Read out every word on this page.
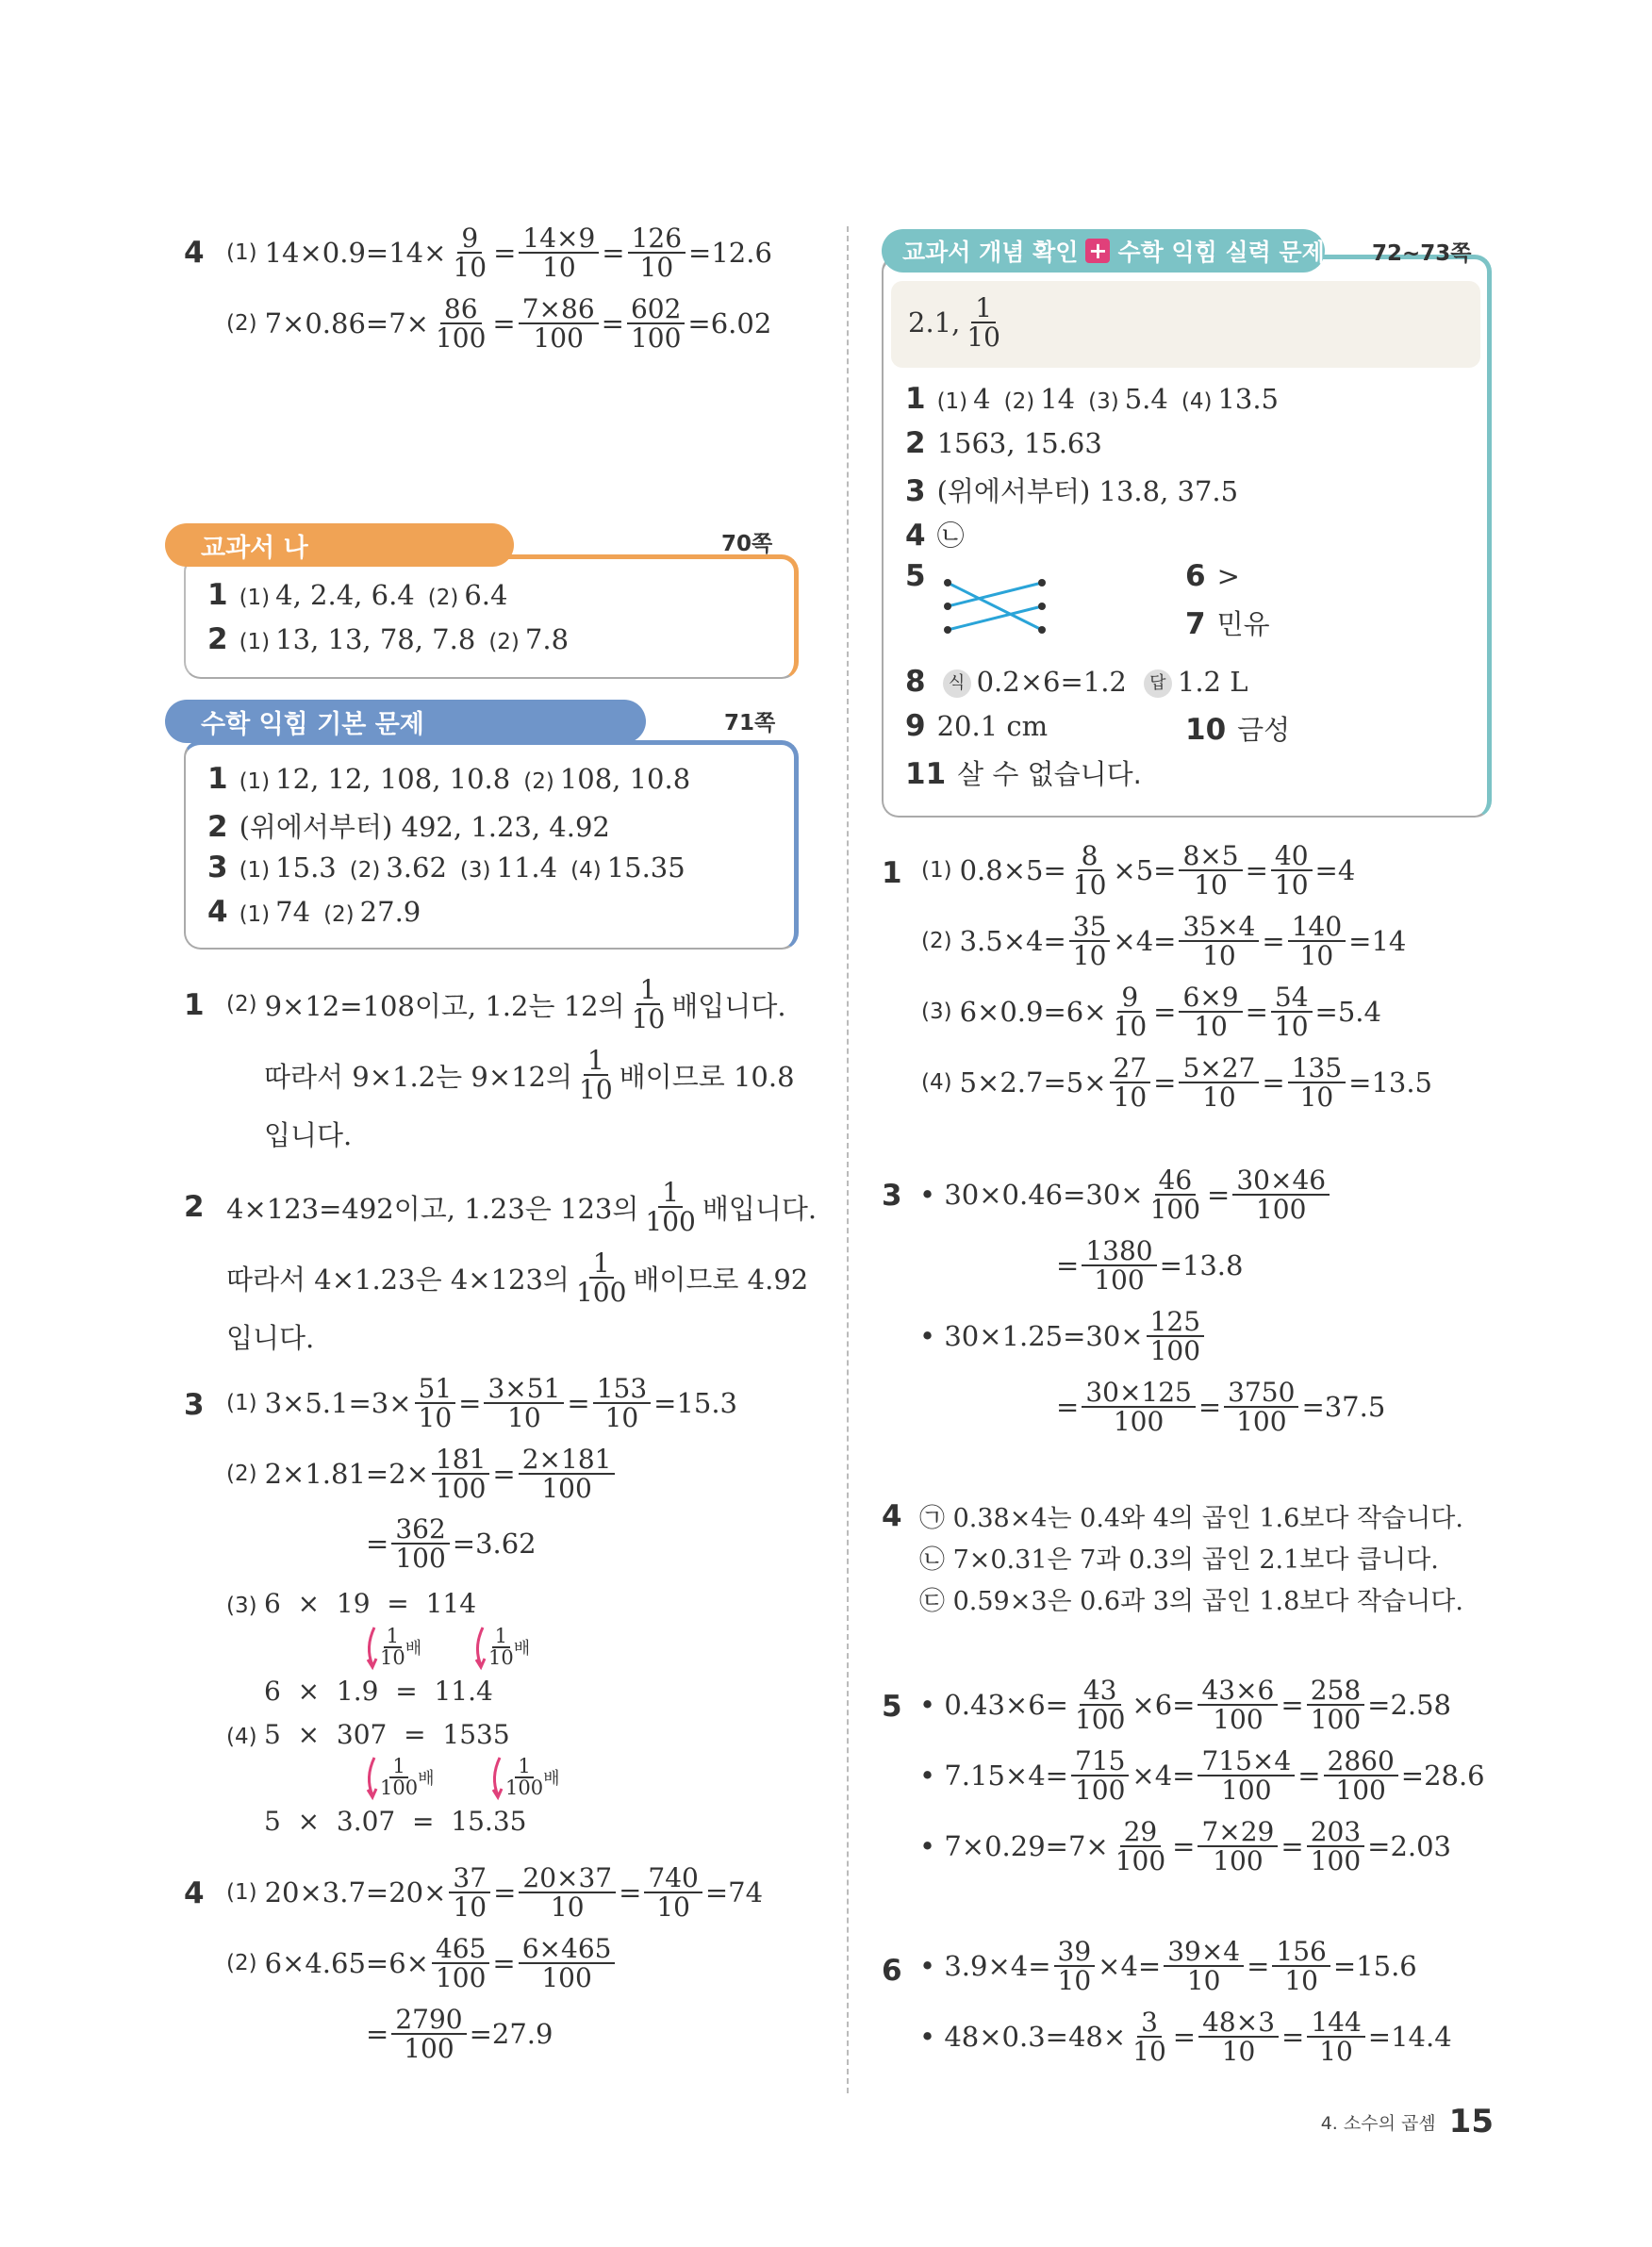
4 (1) $14\times 0.9=14\times \frac{9}{10} = \frac{14\times 9}{10} = \frac{126}{10} =12.6$
(2) $7\times 0.86=7\times \frac{86}{100} = \frac{7\times 86}{100} = \frac{602}{100} =6.02$
교과서 나	70쪽
1 (1) 4, 2.4, 6.4 (2) 6.4
2 (1) 13, 13, 78, 7.8 (2) 7.8
수학 익힘 기본 문제	71쪽
1 (1) 12, 12, 108, 10.8 (2) 108, 10.8
2 (위에서부터) 492, 1.23, 4.92
3 (1) 15.3 (2) 3.62 (3) 11.4 (4) 15.35
4 (1) 74 (2) 27.9
1 (2) 9×12=108이고, 1.2는 12의 $\frac{1}{10}$ 배입니다.
따라서 9×1.2는 9×12의 $\frac{1}{10}$ 배이므로 10.8
입니다.
2 4×123=492이고, 1.23은 123의 $\frac{1}{100}$ 배입니다.
따라서 4×1.23은 4×123의 $\frac{1}{100}$ 배이므로 4.92
입니다.
3 (1) $3\times 5.1=3\times \frac{51}{10} = \frac{3\times 51}{10} = \frac{153}{10} =15.3$
(2) $2\times 1.81=2\times \frac{181}{100} = \frac{2\times 181}{100}$
= $\frac{362}{100} =3.62$
(3) 6  ×  19  =  114
1
10 배
1
10 배
6  ×  1.9  =  11.4
(4) 5  ×  307  =  1535
1
100 배
1
100 배
5  ×  3.07  =  15.35
4 (1) $20\times 3.7=20\times \frac{37}{10} = \frac{20\times 37}{10} = \frac{740}{10} =74$
(2) $6\times 4.65=6\times \frac{465}{100} = \frac{6\times 465}{100}$
= $\frac{2790}{100} =27.9$
교과서 개념 확인 + 수학 익힘 실력 문제 72~73쪽
2.1, $\frac{1}{10}$
1 (1) 4 (2) 14 (3) 5.4 (4) 13.5
2 1563, 15.63
3 (위에서부터) 13.8, 37.5
4 ㉡
5	6 >
7 민유
8 식 0.2×6=1.2 답 1.2 L
9 20.1 cm	10 금성
11 살 수 없습니다.
1 (1) $0.8\times 5= \frac{8}{10} \times 5= \frac{8\times 5}{10} = \frac{40}{10} =4$
(2) $3.5\times 4= \frac{35}{10} \times 4= \frac{35\times 4}{10} = \frac{140}{10} =14$
(3) $6\times 0.9=6\times \frac{9}{10} = \frac{6\times 9}{10} = \frac{54}{10} =5.4$
(4) $5\times 2.7=5\times \frac{27}{10} = \frac{5\times 27}{10} = \frac{135}{10} =13.5$
3 • $30\times 0.46=30\times \frac{46}{100} = \frac{30\times 46}{100}$
= $\frac{1380}{100} =13.8$
• $30\times 1.25=30\times \frac{125}{100}$
= $\frac{30\times 125}{100} = \frac{3750}{100} =37.5$
4 ㉠ 0.38×4는 0.4와 4의 곱인 1.6보다 작습니다.
㉡ 7×0.31은 7과 0.3의 곱인 2.1보다 큽니다.
㉢ 0.59×3은 0.6과 3의 곱인 1.8보다 작습니다.
5 • $0.43\times 6= \frac{43}{100} \times 6= \frac{43\times 6}{100} = \frac{258}{100} =2.58$
• $7.15\times 4= \frac{715}{100} \times 4= \frac{715\times 4}{100} = \frac{2860}{100} =28.6$
• $7\times 0.29=7\times \frac{29}{100} = \frac{7\times 29}{100} = \frac{203}{100} =2.03$
6 • $3.9\times 4= \frac{39}{10} \times 4= \frac{39\times 4}{10} = \frac{156}{10} =15.6$
• $48\times 0.3=48\times \frac{3}{10} = \frac{48\times 3}{10} = \frac{144}{10} =14.4$
4. 소수의 곱셈 15
